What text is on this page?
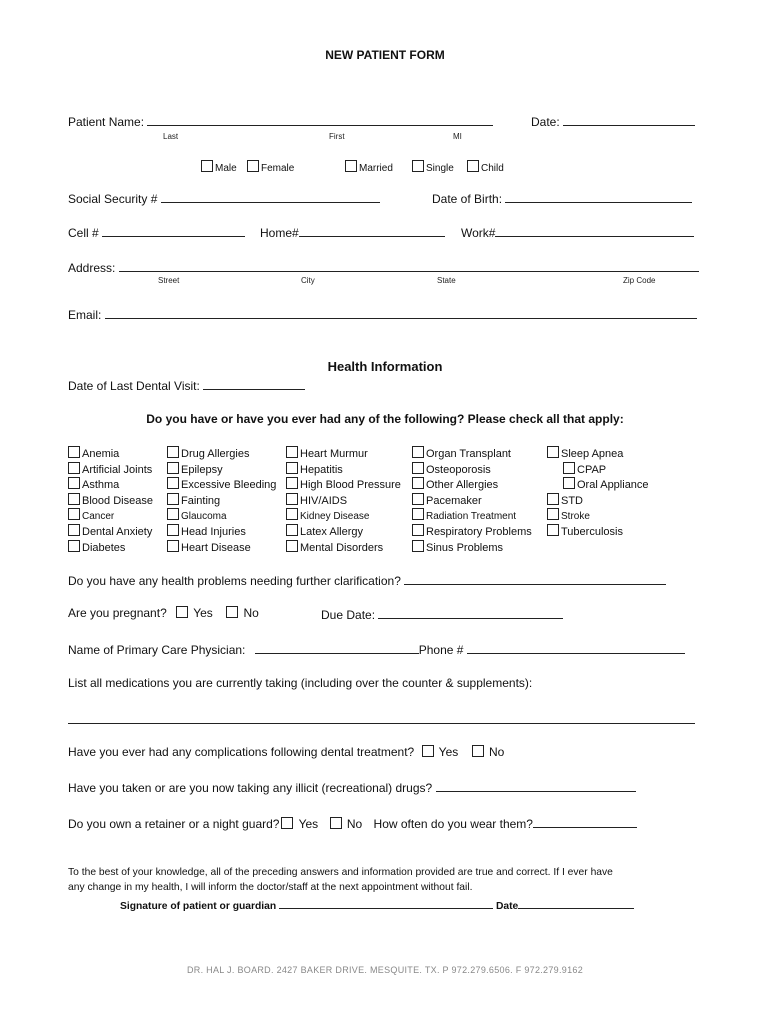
NEW PATIENT FORM
Patient Name:	Date:
Last	First	MI
Male	Female	Married	Single	Child
Social Security #	Date of Birth:
Cell #	Home#	Work#
Address:
Street	City	State	Zip Code
Email:
Health Information
Date of Last Dental Visit:
Do you have or have you ever had any of the following? Please check all that apply:
Anemia
Artificial Joints
Asthma
Blood Disease
Cancer
Dental Anxiety
Diabetes
Drug Allergies
Epilepsy
Excessive Bleeding
Fainting
Glaucoma
Head Injuries
Heart Disease
Heart Murmur
Hepatitis
High Blood Pressure
HIV/AIDS
Kidney Disease
Latex Allergy
Mental Disorders
Organ Transplant
Osteoporosis
Other Allergies
Pacemaker
Radiation Treatment
Respiratory Problems
Sinus Problems
Sleep Apnea
CPAP
Oral Appliance
STD
Stroke
Tuberculosis
Do you have any health problems needing further clarification?
Are you pregnant? Yes	No	Due Date:
Name of Primary Care Physician:	Phone #
List all medications you are currently taking (including over the counter & supplements):
Have you ever had any complications following dental treatment? Yes	No
Have you taken or are you now taking any illicit (recreational) drugs?
Do you own a retainer or a night guard? Yes No How often do you wear them?
To the best of your knowledge, all of the preceding answers and information provided are true and correct. If I ever have
any change in my health, I will inform the doctor/staff at the next appointment without fail.
Signature of patient or guardian	Date
DR. HAL J. BOARD. 2427 BAKER DRIVE. MESQUITE. TX. P 972.279.6506. F 972.279.9162
